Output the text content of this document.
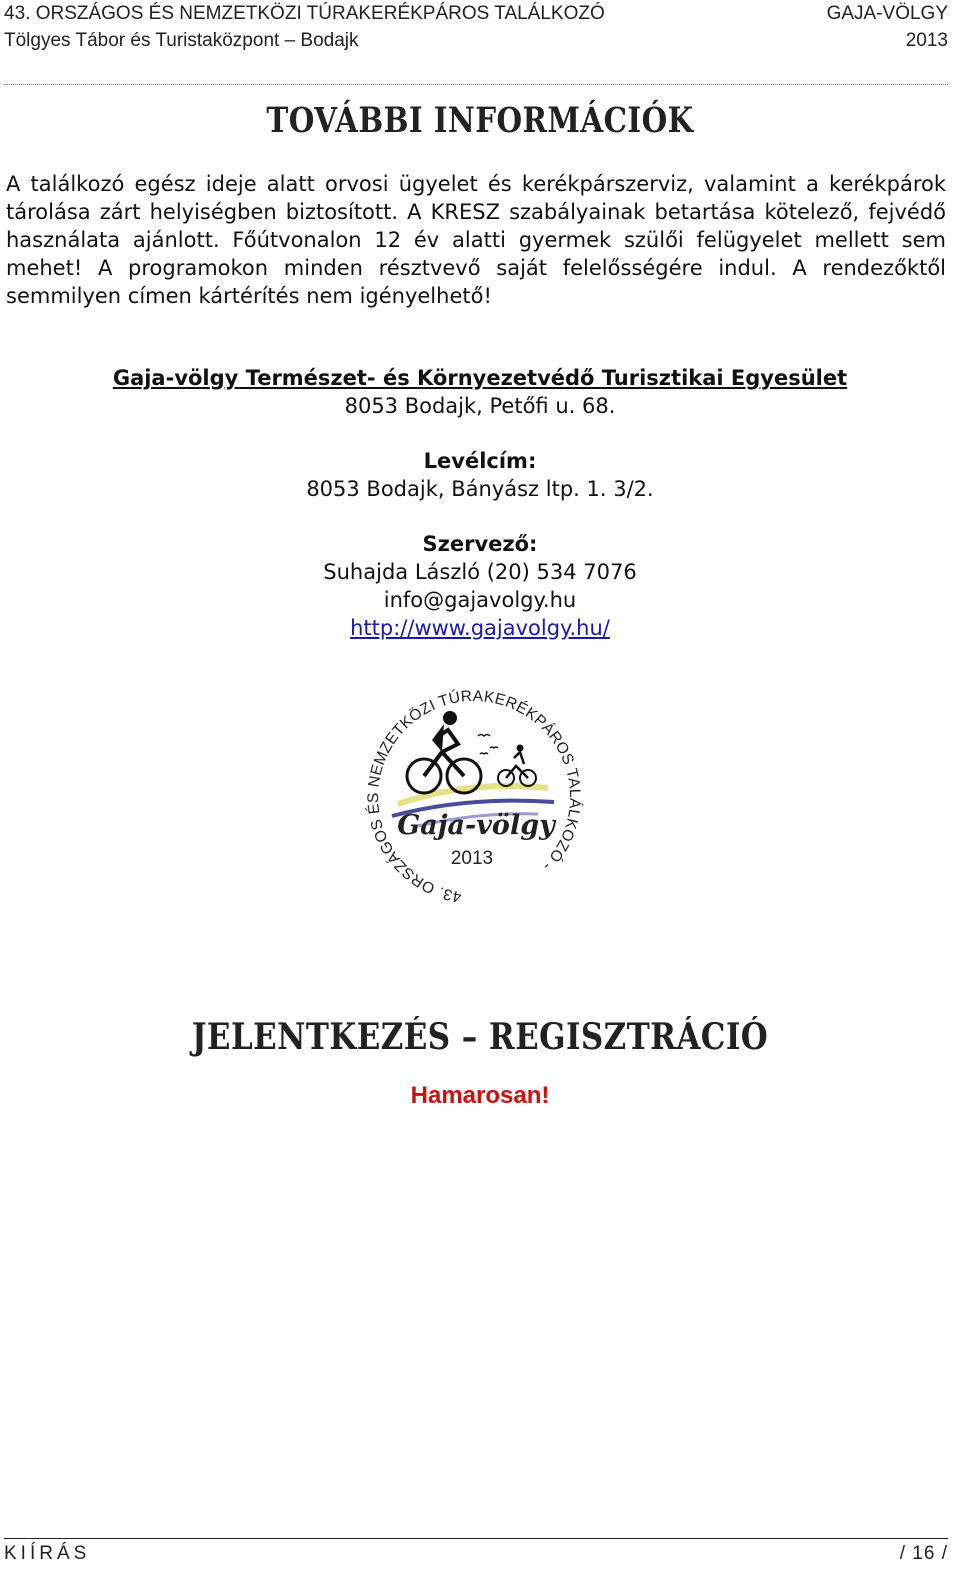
43. ORSZÁGOS ÉS NEMZETKÖZI TÚRAKERÉKPÁROS TALÁLKOZÓ	GAJA-VÖLGY
Tölgyes Tábor és Turistaközpont – Bodajk	2013
TOVÁBBI INFORMÁCIÓK
A találkozó egész ideje alatt orvosi ügyelet és kerékpárszerviz, valamint a kerékpárok tárolása zárt helyiségben biztosított. A KRESZ szabályainak betartása kötelező, fejvédő használata ajánlott. Főútvonalon 12 év alatti gyermek szülői felügyelet mellett sem mehet! A programokon minden résztvevő saját felelősségére indul. A rendezőktől semmilyen címen kártérítés nem igényelhető!
Gaja-völgy Természet- és Környezetvédő Turisztikai Egyesület
8053 Bodajk, Petőfi u. 68.
Levélcím:
8053 Bodajk, Bányász ltp. 1. 3/2.
Szervező:
Suhajda László (20) 534 7076
info@gajavolgy.hu
http://www.gajavolgy.hu/
43. ORSZÁGOS ÉS NEMZETKÖZI TÚRAKERÉKPÁROS TALÁLKOZÓ -
Gaja-völgy
2013
JELENTKEZÉS – REGISZTRÁCIÓ
Hamarosan!
KIÍRÁS	/ 16 /
